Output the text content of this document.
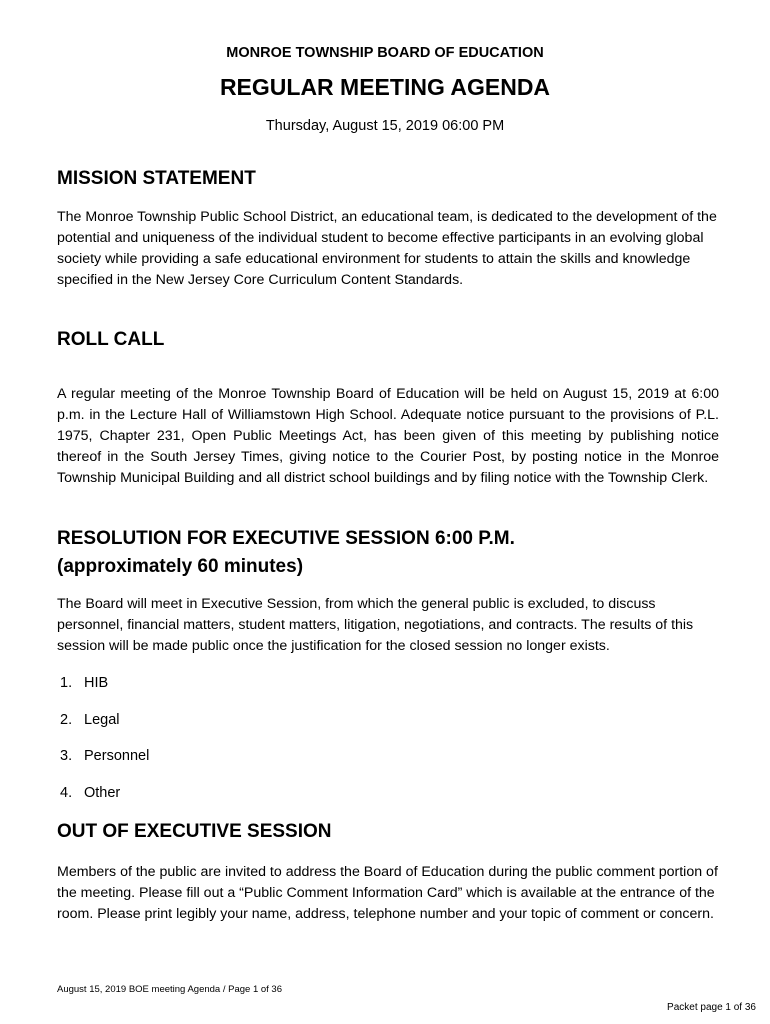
MONROE TOWNSHIP BOARD OF EDUCATION
REGULAR MEETING AGENDA
Thursday, August 15, 2019 06:00 PM
MISSION STATEMENT

The Monroe Township Public School District, an educational team, is dedicated to the development of the potential and uniqueness of the individual student to become effective participants in an evolving global society while providing a safe educational environment for students to attain the skills and knowledge specified in the New Jersey Core Curriculum Content Standards.

ROLL CALL

A regular meeting of the Monroe Township Board of Education will be held on August 15, 2019 at 6:00 p.m. in the Lecture Hall of Williamstown High School. Adequate notice pursuant to the provisions of P.L. 1975, Chapter 231, Open Public Meetings Act, has been given of this meeting by publishing notice thereof in the South Jersey Times, giving notice to the Courier Post, by posting notice in the Monroe Township Municipal Building and all district school buildings and by filing notice with the Township Clerk.

RESOLUTION FOR EXECUTIVE SESSION 6:00 P.M.
(approximately 60 minutes)

The Board will meet in Executive Session, from which the general public is excluded, to discuss personnel, financial matters, student matters, litigation, negotiations, and contracts. The results of this session will be made public once the justification for the closed session no longer exists.

1. HIB
2. Legal
3. Personnel
4. Other
OUT OF EXECUTIVE SESSION

Members of the public are invited to address the Board of Education during the public comment portion of the meeting. Please fill out a “Public Comment Information Card” which is available at the entrance of the room. Please print legibly your name, address, telephone number and your topic of comment or concern.

August 15, 2019 BOE meeting Agenda / Page 1 of 36
Packet page 1 of 36
